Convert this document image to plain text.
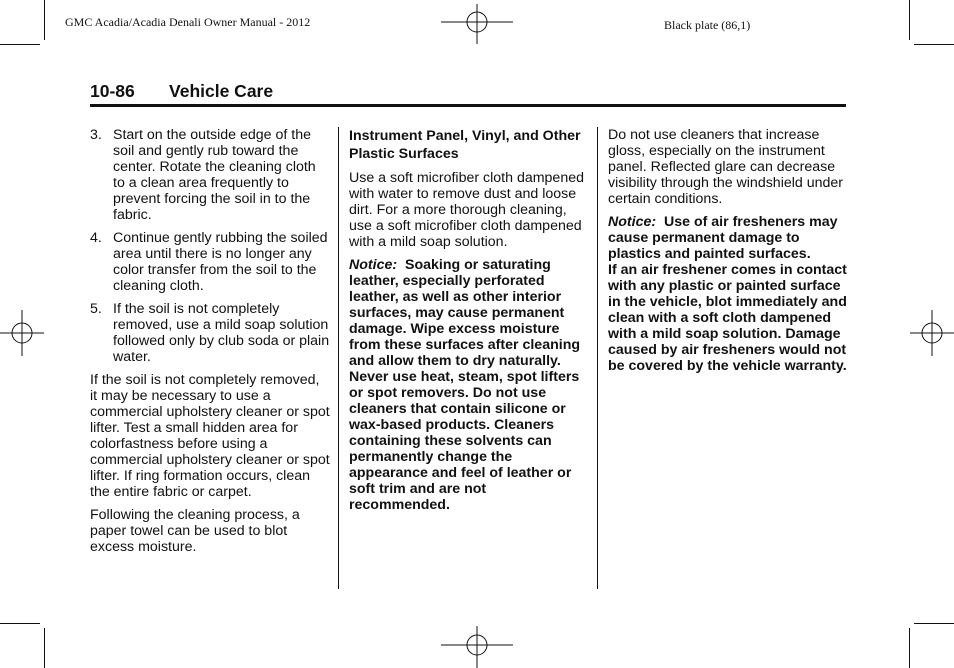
GMC Acadia/Acadia Denali Owner Manual - 2012	Black plate (86,1)
10-86 Vehicle Care
3. Start on the outside edge of the soil and gently rub toward the center. Rotate the cleaning cloth to a clean area frequently to prevent forcing the soil in to the fabric.
4. Continue gently rubbing the soiled area until there is no longer any color transfer from the soil to the cleaning cloth.
5. If the soil is not completely removed, use a mild soap solution followed only by club soda or plain water.

If the soil is not completely removed, it may be necessary to use a commercial upholstery cleaner or spot lifter. Test a small hidden area for colorfastness before using a commercial upholstery cleaner or spot lifter. If ring formation occurs, clean the entire fabric or carpet.

Following the cleaning process, a paper towel can be used to blot excess moisture.

Instrument Panel, Vinyl, and Other Plastic Surfaces

Use a soft microfiber cloth dampened with water to remove dust and loose dirt. For a more thorough cleaning, use a soft microfiber cloth dampened with a mild soap solution.

Notice: Soaking or saturating leather, especially perforated leather, as well as other interior surfaces, may cause permanent damage. Wipe excess moisture from these surfaces after cleaning and allow them to dry naturally. Never use heat, steam, spot lifters or spot removers. Do not use cleaners that contain silicone or wax-based products. Cleaners containing these solvents can permanently change the appearance and feel of leather or soft trim and are not recommended.

Do not use cleaners that increase gloss, especially on the instrument panel. Reflected glare can decrease visibility through the windshield under certain conditions.

Notice: Use of air fresheners may cause permanent damage to plastics and painted surfaces.

If an air freshener comes in contact with any plastic or painted surface in the vehicle, blot immediately and clean with a soft cloth dampened with a mild soap solution. Damage caused by air fresheners would not be covered by the vehicle warranty.
